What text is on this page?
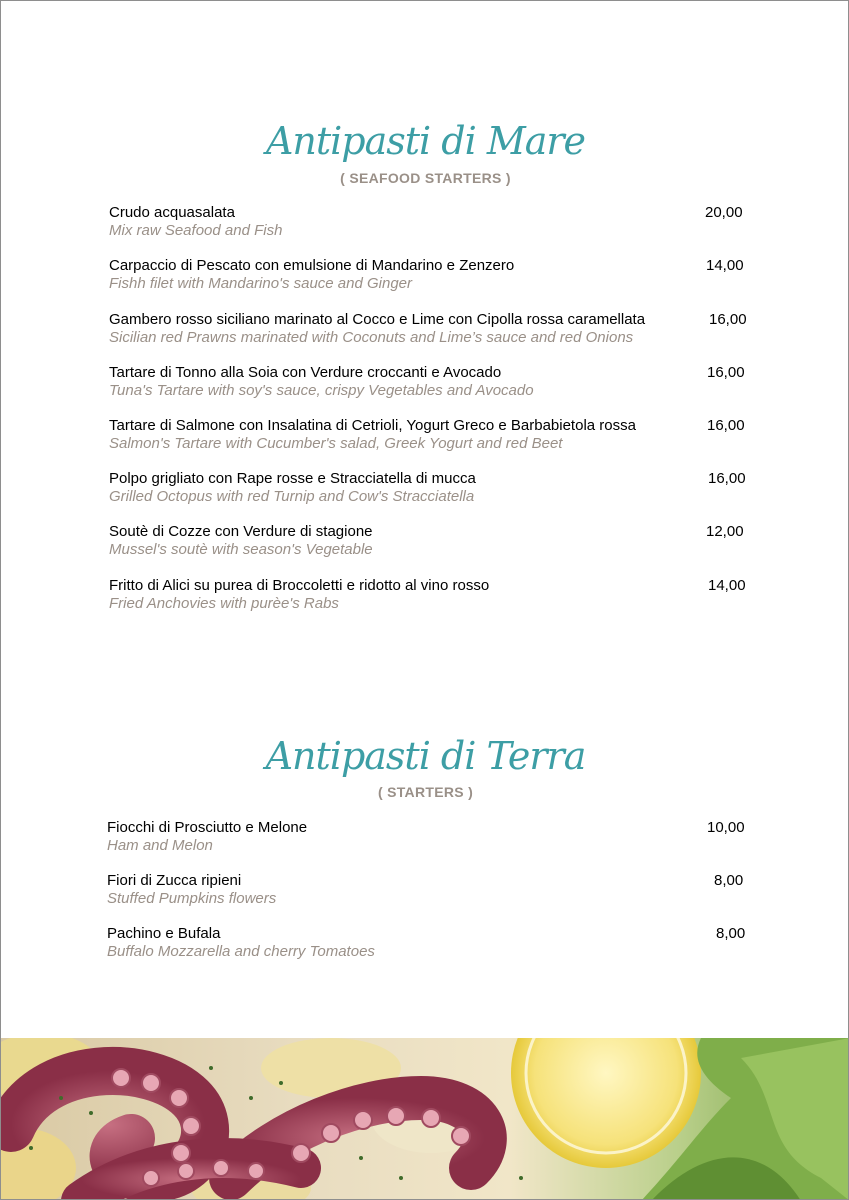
Antipasti di Mare
( SEAFOOD STARTERS )
Crudo acquasalata
Mix raw Seafood and Fish
20,00
Carpaccio di Pescato con emulsione di Mandarino e Zenzero
Fishh filet with Mandarino's sauce and Ginger
14,00
Gambero rosso siciliano marinato al Cocco e Lime con Cipolla rossa caramellata
Sicilian red Prawns marinated with Coconuts and Lime’s sauce and red Onions
16,00
Tartare di Tonno alla Soia con Verdure croccanti e Avocado
Tuna's Tartare with soy's sauce, crispy Vegetables and Avocado
16,00
Tartare di Salmone con Insalatina di Cetrioli, Yogurt Greco e Barbabietola rossa
Salmon's Tartare with Cucumber's salad, Greek Yogurt and red Beet
16,00
Polpo grigliato con Rape rosse e Stracciatella di mucca
Grilled Octopus with red Turnip and Cow's Stracciatella
16,00
Soutè di Cozze con Verdure di stagione
Mussel's soutè with season's Vegetable
12,00
Fritto di Alici su purea di Broccoletti e ridotto al vino rosso
Fried Anchovies with purèe's Rabs
14,00
Antipasti di Terra
( STARTERS )
Fiocchi di Prosciutto e Melone
Ham and Melon
10,00
Fiori di Zucca ripieni
Stuffed Pumpkins flowers
8,00
Pachino e Bufala
Buffalo Mozzarella and cherry Tomatoes
8,00
